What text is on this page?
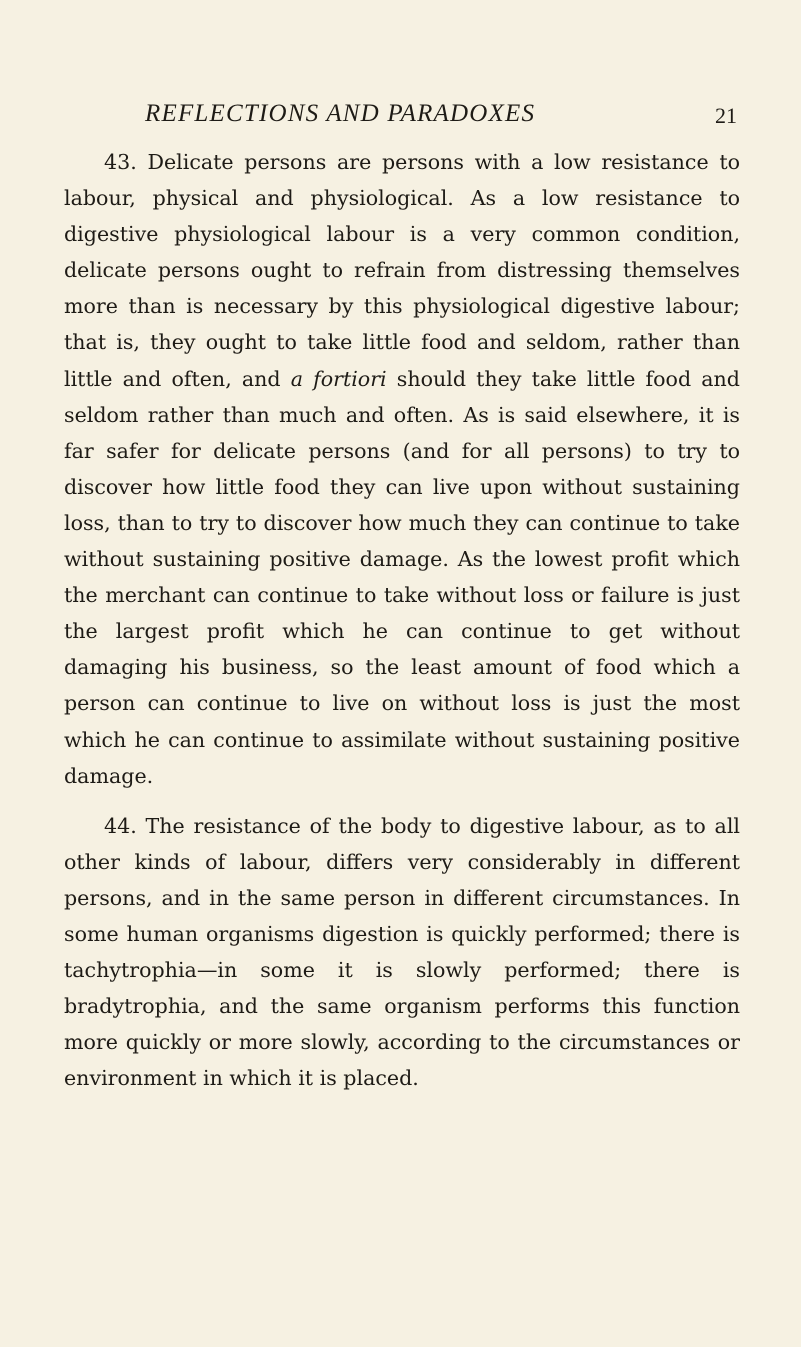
REFLECTIONS AND PARADOXES	21

43. Delicate persons are persons with a low resistance to labour, physical and physiological. As a low resistance to digestive physiological labour is a very common condition, delicate persons ought to refrain from distressing themselves more than is necessary by this physiological digestive labour; that is, they ought to take little food and seldom, rather than little and often, and a fortiori should they take little food and seldom rather than much and often. As is said elsewhere, it is far safer for delicate persons (and for all persons) to try to discover how little food they can live upon without sustaining loss, than to try to discover how much they can continue to take without sustaining positive damage. As the lowest profit which the merchant can continue to take without loss or failure is just the largest profit which he can continue to get without damaging his business, so the least amount of food which a person can continue to live on without loss is just the most which he can continue to assimilate without sustaining positive damage.

44. The resistance of the body to digestive labour, as to all other kinds of labour, differs very considerably in different persons, and in the same person in different circumstances. In some human organisms digestion is quickly performed; there is tachytrophia—in some it is slowly performed; there is bradytrophia, and the same organism performs this function more quickly or more slowly, according to the circumstances or environment in which it is placed.
